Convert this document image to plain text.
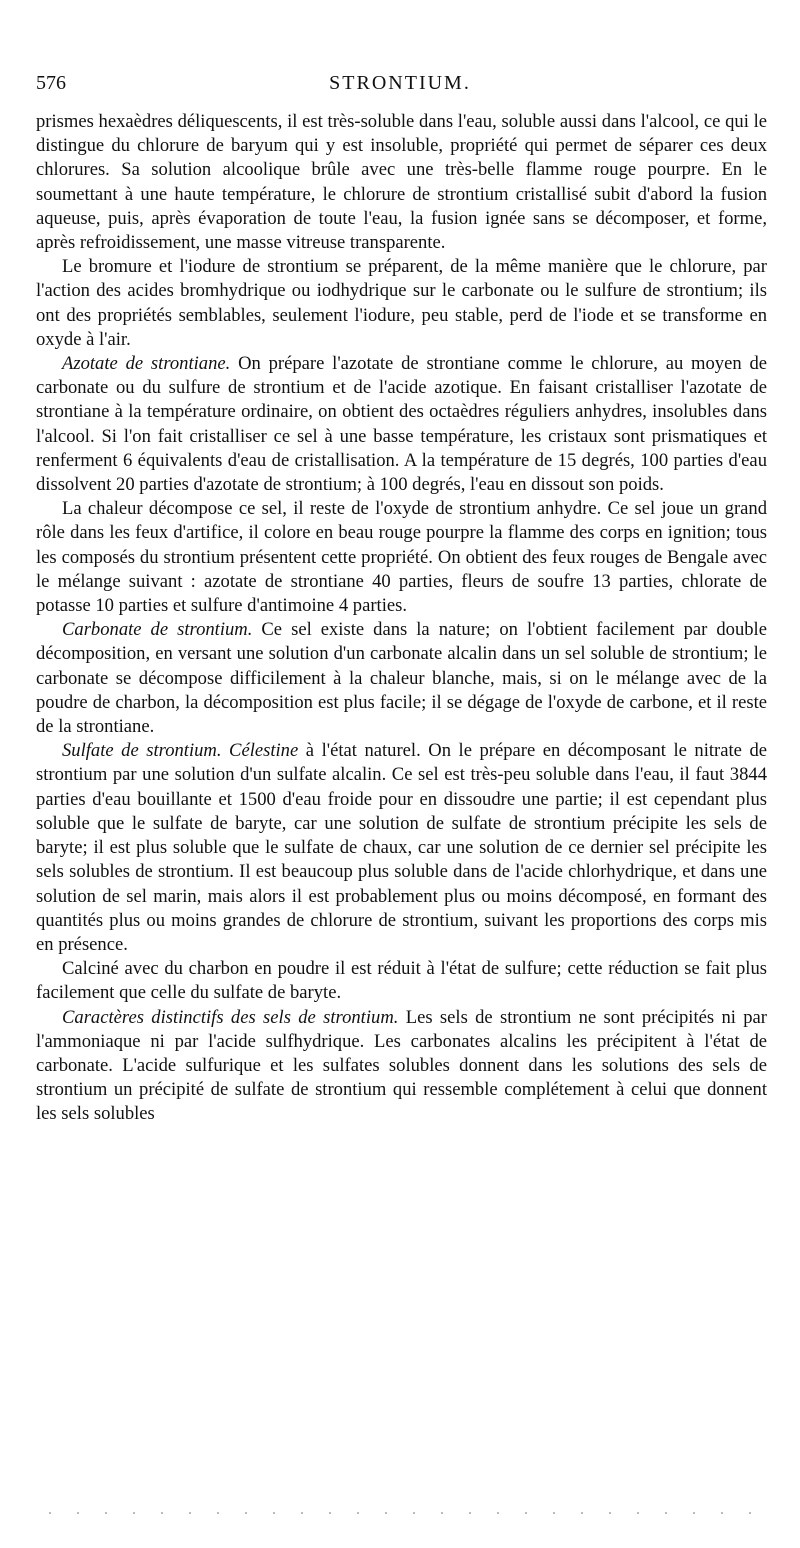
576	STRONTIUM.

prismes hexaèdres déliquescents, il est très-soluble dans l'eau, soluble aussi dans l'alcool, ce qui le distingue du chlorure de baryum qui y est insoluble, propriété qui permet de séparer ces deux chlorures. Sa solution alcoolique brûle avec une très-belle flamme rouge pourpre. En le soumettant à une haute température, le chlorure de strontium cristallisé subit d'abord la fusion aqueuse, puis, après évaporation de toute l'eau, la fusion ignée sans se décomposer, et forme, après refroidissement, une masse vitreuse transparente.

Le bromure et l'iodure de strontium se préparent, de la même manière que le chlorure, par l'action des acides bromhydrique ou iodhydrique sur le carbonate ou le sulfure de strontium; ils ont des propriétés semblables, seulement l'iodure, peu stable, perd de l'iode et se transforme en oxyde à l'air.

Azotate de strontiane. On prépare l'azotate de strontiane comme le chlorure, au moyen de carbonate ou du sulfure de strontium et de l'acide azotique. En faisant cristalliser l'azotate de strontiane à la température ordinaire, on obtient des octaèdres réguliers anhydres, insolubles dans l'alcool. Si l'on fait cristalliser ce sel à une basse température, les cristaux sont prismatiques et renferment 6 équivalents d'eau de cristallisation. A la température de 15 degrés, 100 parties d'eau dissolvent 20 parties d'azotate de strontium; à 100 degrés, l'eau en dissout son poids.

La chaleur décompose ce sel, il reste de l'oxyde de strontium anhydre. Ce sel joue un grand rôle dans les feux d'artifice, il colore en beau rouge pourpre la flamme des corps en ignition; tous les composés du strontium présentent cette propriété. On obtient des feux rouges de Bengale avec le mélange suivant : azotate de strontiane 40 parties, fleurs de soufre 13 parties, chlorate de potasse 10 parties et sulfure d'antimoine 4 parties.

Carbonate de strontium. Ce sel existe dans la nature; on l'obtient facilement par double décomposition, en versant une solution d'un carbonate alcalin dans un sel soluble de strontium; le carbonate se décompose difficilement à la chaleur blanche, mais, si on le mélange avec de la poudre de charbon, la décomposition est plus facile; il se dégage de l'oxyde de carbone, et il reste de la strontiane.

Sulfate de strontium. Célestine à l'état naturel. On le prépare en décomposant le nitrate de strontium par une solution d'un sulfate alcalin. Ce sel est très-peu soluble dans l'eau, il faut 3844 parties d'eau bouillante et 1500 d'eau froide pour en dissoudre une partie; il est cependant plus soluble que le sulfate de baryte, car une solution de sulfate de strontium précipite les sels de baryte; il est plus soluble que le sulfate de chaux, car une solution de ce dernier sel précipite les sels solubles de strontium. Il est beaucoup plus soluble dans de l'acide chlorhydrique, et dans une solution de sel marin, mais alors il est probablement plus ou moins décomposé, en formant des quantités plus ou moins grandes de chlorure de strontium, suivant les proportions des corps mis en présence.

Calciné avec du charbon en poudre il est réduit à l'état de sulfure; cette réduction se fait plus facilement que celle du sulfate de baryte.

Caractères distinctifs des sels de strontium. Les sels de strontium ne sont précipités ni par l'ammoniaque ni par l'acide sulfhydrique. Les carbonates alcalins les précipitent à l'état de carbonate. L'acide sulfurique et les sulfates solubles donnent dans les solutions des sels de strontium un précipité de sulfate de strontium qui ressemble complétement à celui que donnent les sels solubles
